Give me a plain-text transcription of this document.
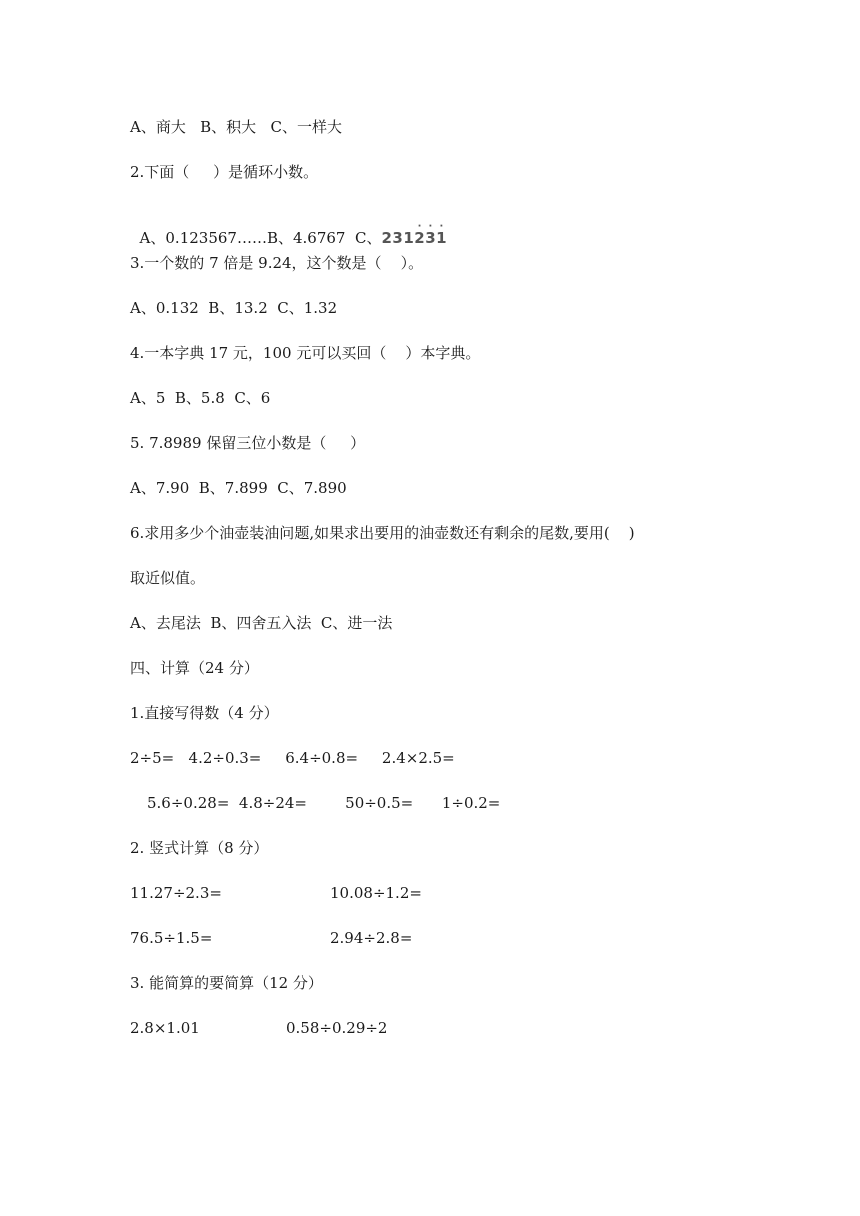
A、商大   B、积大   C、一样大
2.下面（     ）是循环小数。

A、0.123567……B、4.6767  C、231
·
2
·
3
·
1

3.一个数的 7 倍是 9.24，这个数是（    ）。
A、0.132  B、13.2  C、1.32
4.一本字典 17 元，100 元可以买回（    ）本字典。
A、5  B、5.8  C、6
5. 7.8989 保留三位小数是（     ）
A、7.90  B、7.899  C、7.890
6.求用多少个油壶装油问题,如果求出要用的油壶数还有剩余的尾数,要用(    )
取近似值。
A、去尾法  B、四舍五入法  C、进一法
四、计算（24 分）
1.直接写得数（4 分）
2÷5=   4.2÷0.3=     6.4÷0.8=     2.4×2.5=
5.6÷0.28=  4.8÷24=        50÷0.5=      1÷0.2=
2. 竖式计算（8 分）
11.27÷2.3=	10.08÷1.2=
76.5÷1.5=	2.94÷2.8=
3. 能简算的要简算（12 分）
2.8×1.01	0.58÷0.29÷2
